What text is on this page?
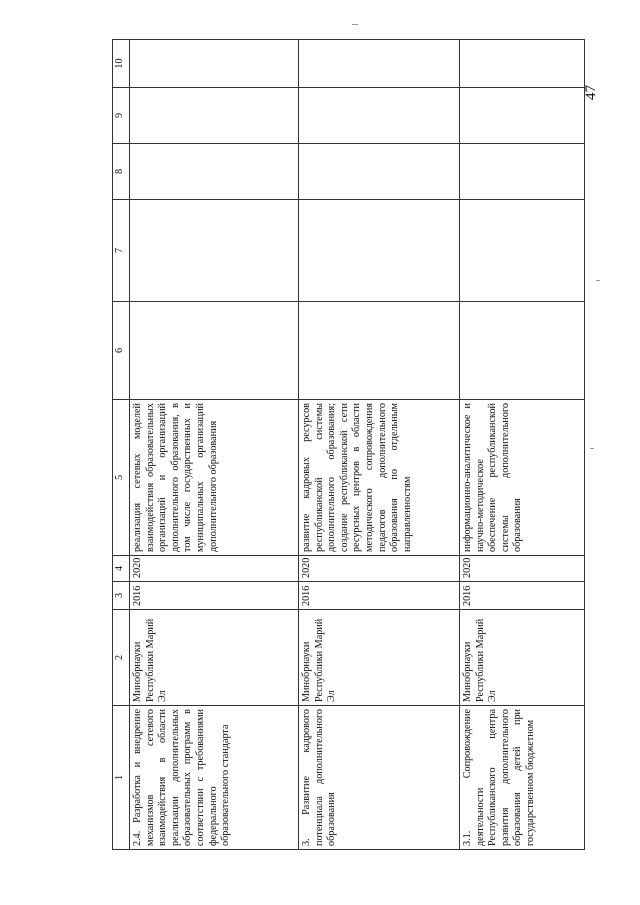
47
1	2	3	4	5	6	7	8	9	10
2.4. Разработка и внедрение механизмов сетевого взаимодействия в области реализации дополнительных образовательных программ в соответствии с требованиями федерального образовательного стандарта	Минобрнауки Республики Марий Эл	2016	2020	реализация сетевых моделей взаимодействия образовательных организаций и организаций дополнительного образования, в том числе государственных и муниципальных организаций дополнительного образования					
3. Развитие кадрового потенциала дополнительного образования	Минобрнауки Республики Марий Эл	2016	2020	развитие кадровых ресурсов республиканской системы дополнительного образования; создание республиканской сети ресурсных центров в области методического сопровождения педагогов дополнительного образования по отдельным направленностям					
3.1. Сопровождение деятельности Республиканского центра развития дополнительного образования детей при государственном бюджетном	Минобрнауки Республики Марий Эл	2016	2020	информационно-аналитическое и научно-методическое обеспечение республиканской системы дополнительного образования					
